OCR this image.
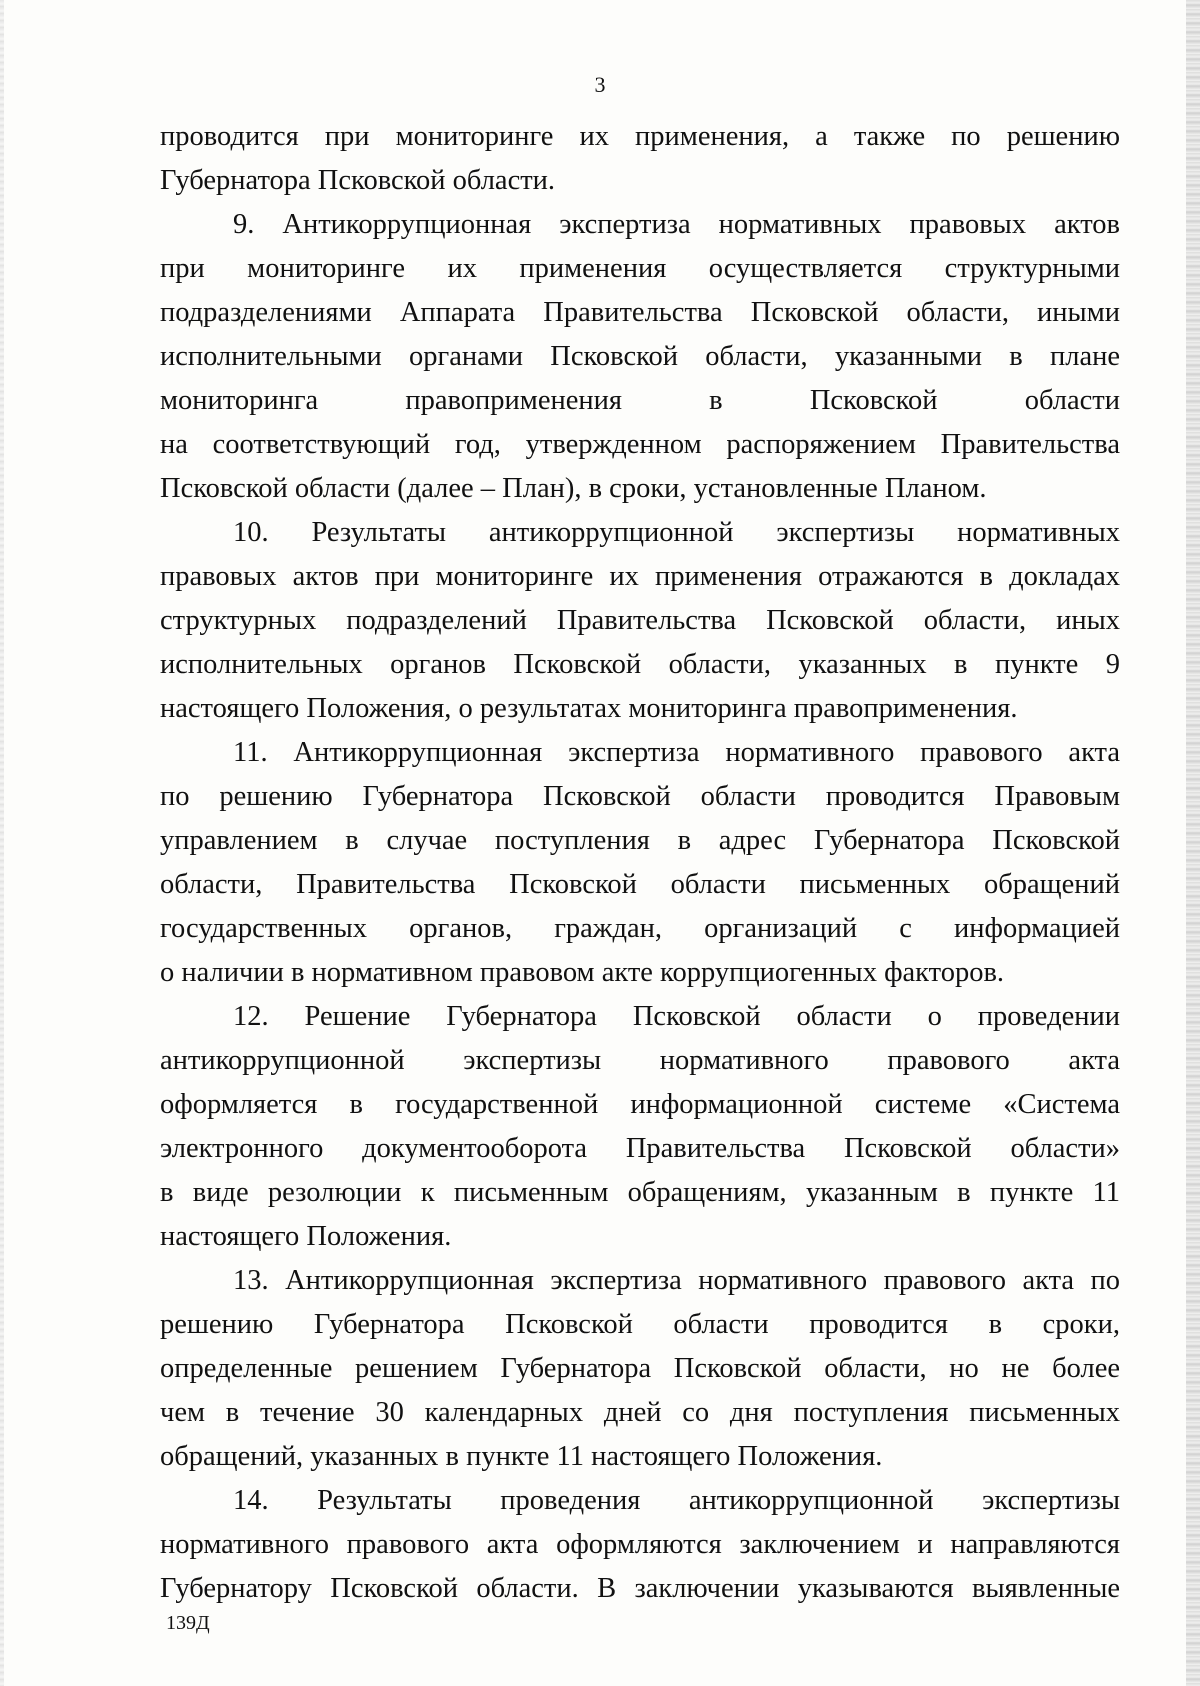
3
проводится при мониторинге их применения, а также по решению
Губернатора Псковской области.
9. Антикоррупционная экспертиза нормативных правовых актов
при мониторинге их применения осуществляется структурными
подразделениями Аппарата Правительства Псковской области, иными
исполнительными органами Псковской области, указанными в плане
мониторинга правоприменения в Псковской области
на соответствующий год, утвержденном распоряжением Правительства
Псковской области (далее – План), в сроки, установленные Планом.
10. Результаты антикоррупционной экспертизы нормативных
правовых актов при мониторинге их применения отражаются в докладах
структурных подразделений Правительства Псковской области, иных
исполнительных органов Псковской области, указанных в пункте 9
настоящего Положения, о результатах мониторинга правоприменения.
11. Антикоррупционная экспертиза нормативного правового акта
по решению Губернатора Псковской области проводится Правовым
управлением в случае поступления в адрес Губернатора Псковской
области, Правительства Псковской области письменных обращений
государственных органов, граждан, организаций с информацией
о наличии в нормативном правовом акте коррупциогенных факторов.
12. Решение Губернатора Псковской области о проведении
антикоррупционной экспертизы нормативного правового акта
оформляется в государственной информационной системе «Система
электронного документооборота Правительства Псковской области»
в виде резолюции к письменным обращениям, указанным в пункте 11
настоящего Положения.
13. Антикоррупционная экспертиза нормативного правового акта по
решению Губернатора Псковской области проводится в сроки,
определенные решением Губернатора Псковской области, но не более
чем в течение 30 календарных дней со дня поступления письменных
обращений, указанных в пункте 11 настоящего Положения.
14. Результаты проведения антикоррупционной экспертизы
нормативного правового акта оформляются заключением и направляются
Губернатору Псковской области. В заключении указываются выявленные
139Д
